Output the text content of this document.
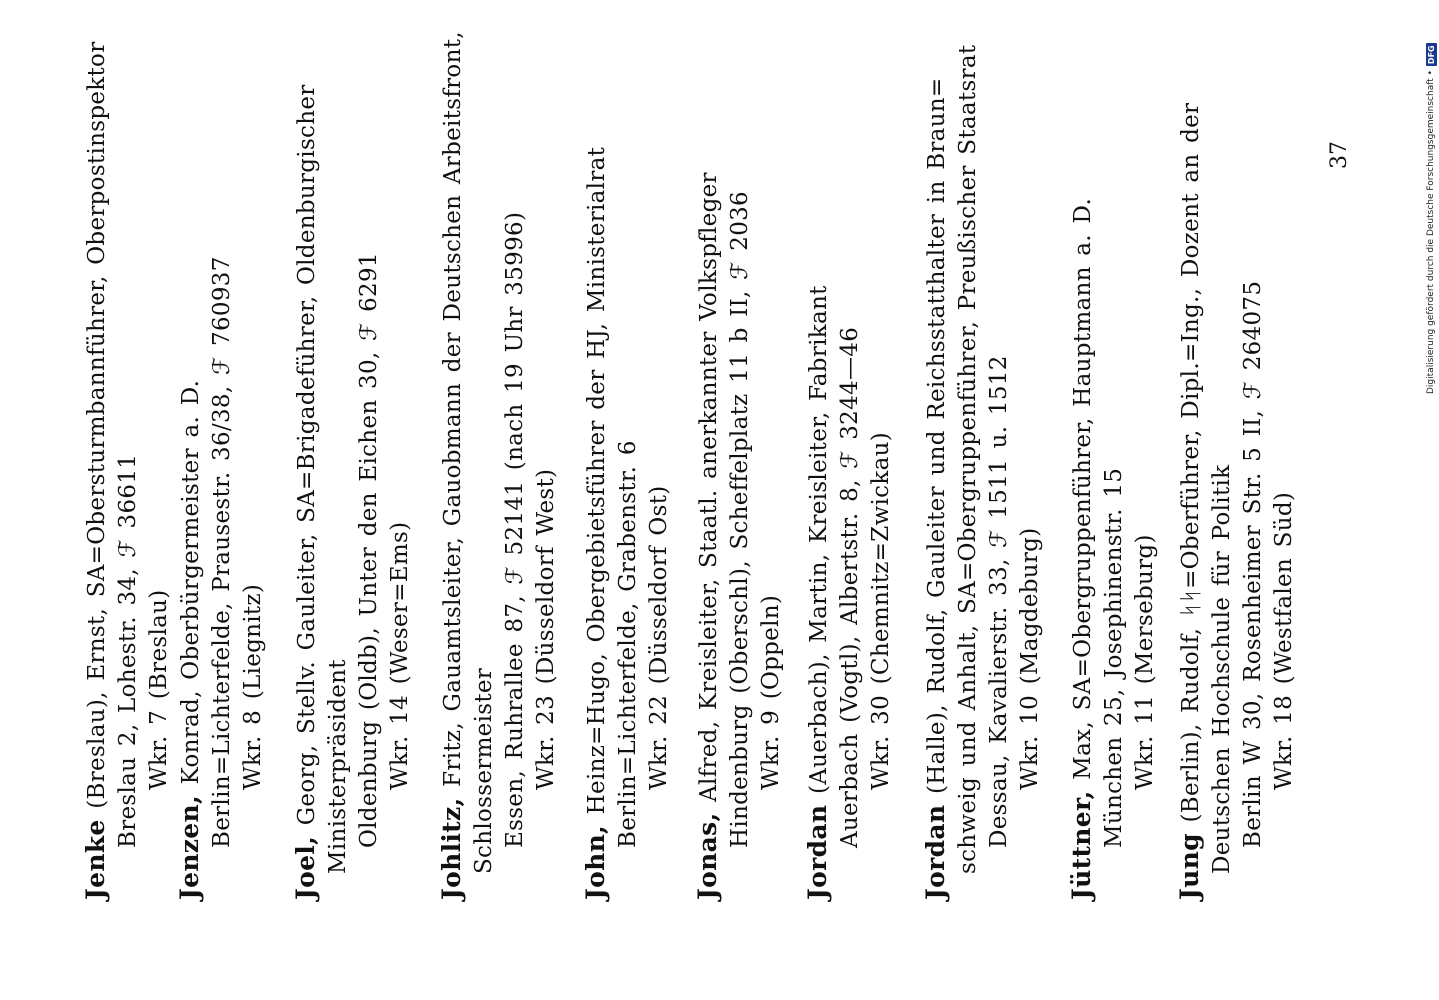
Jenke (Breslau), Ernst, SA=Obersturmbannführer, Oberpostinspektor Breslau 2, Lohestr. 34, ℱ 36611 Wkr. 7 (Breslau)
Jenzen, Konrad, Oberbürgermeister a. D. Berlin=Lichterfelde, Prausestr. 36/38, ℱ 760937 Wkr. 8 (Liegnitz)
Joel, Georg, Stellv. Gauleiter, SA=Brigadeführer, Oldenburgischer Ministerpräsident Oldenburg (Oldb), Unter den Eichen 30, ℱ 6291 Wkr. 14 (Weser=Ems)
Johlitz, Fritz, Gauamtsleiter, Gauobmann der Deutschen Arbeitsfront, Schlossermeister Essen, Ruhrallee 87, ℱ 52141 (nach 19 Uhr 35996) Wkr. 23 (Düsseldorf West)
John, Heinz=Hugo, Obergebietsführer der HJ, Ministerialrat Berlin=Lichterfelde, Grabenstr. 6 Wkr. 22 (Düsseldorf Ost)
Jonas, Alfred, Kreisleiter, Staatl. anerkannter Volkspfleger Hindenburg (Oberschl), Scheffelplatz 11 b II, ℱ 2036 Wkr. 9 (Oppeln)
Jordan (Auerbach), Martin, Kreisleiter, Fabrikant Auerbach (Vogtl), Albertstr. 8, ℱ 3244—46 Wkr. 30 (Chemnitz=Zwickau)
Jordan (Halle), Rudolf, Gauleiter und Reichsstatthalter in Braun= schweig und Anhalt, SA=Obergruppenführer, Preußischer Staatsrat Dessau, Kavalierstr. 33, ℱ 1511 u. 1512 Wkr. 10 (Magdeburg)
Jüttner, Max, SA=Obergruppenführer, Hauptmann a. D. München 25, Josephinenstr. 15 Wkr. 11 (Merseburg)
Jung (Berlin), Rudolf, ᛋᛋ=Oberführer, Dipl.=Ing., Dozent an der Deutschen Hochschule für Politik Berlin W 30, Rosenheimer Str. 5 II, ℱ 264075 Wkr. 18 (Westfalen Süd)
37	Digitalisierung gefördert durch die Deutsche Forschungsgemeinschaft •
DFG
